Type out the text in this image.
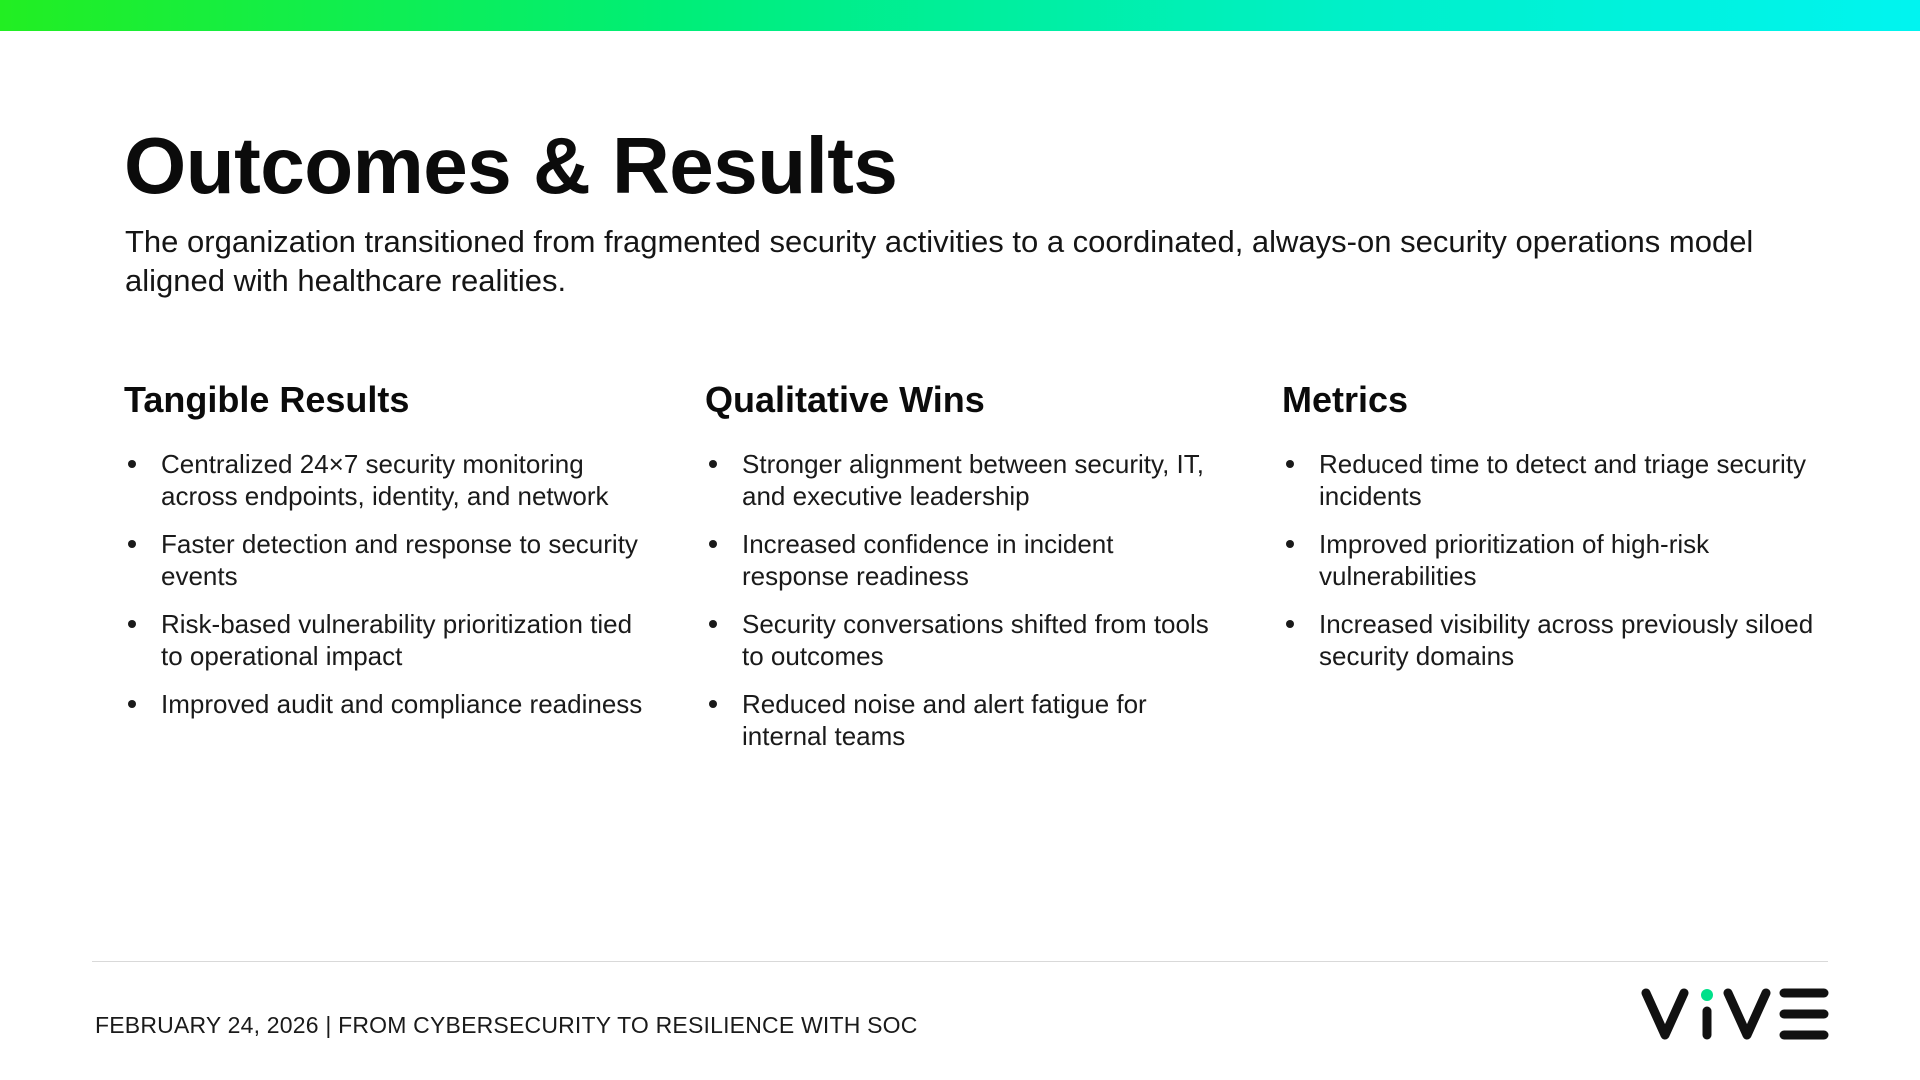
Outcomes & Results

The organization transitioned from fragmented security activities to a coordinated, always-on security operations model aligned with healthcare realities.

Tangible Results
Centralized 24×7 security monitoring across endpoints, identity, and network
Faster detection and response to security events
Risk-based vulnerability prioritization tied to operational impact
Improved audit and compliance readiness
Qualitative Wins
Stronger alignment between security, IT, and executive leadership
Increased confidence in incident response readiness
Security conversations shifted from tools to outcomes
Reduced noise and alert fatigue for internal teams
Metrics
Reduced time to detect and triage security incidents
Improved prioritization of high-risk vulnerabilities
Increased visibility across previously siloed security domains

FEBRUARY 24, 2026 | FROM CYBERSECURITY TO RESILIENCE WITH SOC
